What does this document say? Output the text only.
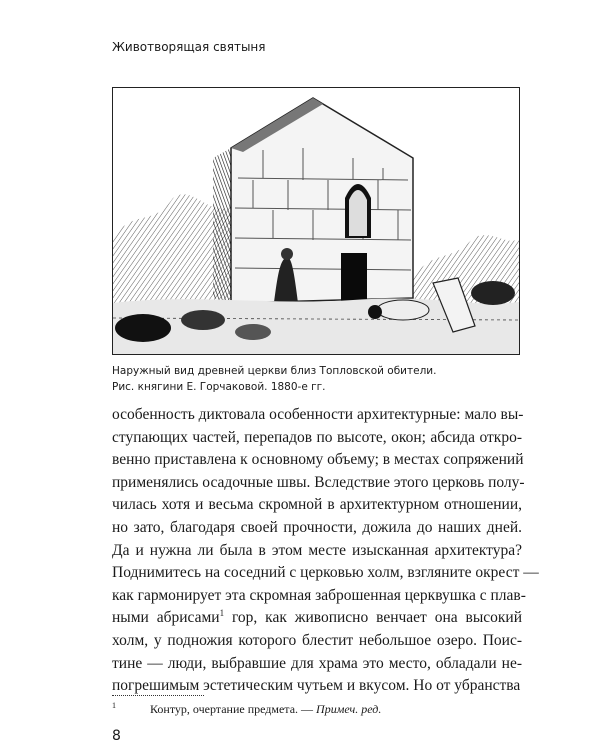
Животворящая святыня
Наружный вид древней церкви близ Топловской обители.
Рис. княгини Е. Горчаковой. 1880-е гг.
особенность диктовала особенности архитектурные: мало вы-
ступающих частей, перепадов по высоте, окон; абсида откро-
венно приставлена к основному объему; в местах сопряжений
применялись осадочные швы. Вследствие этого церковь полу-
чилась хотя и весьма скромной в архитектурном отношении,
но зато, благодаря своей прочности, дожила до наших дней.
Да и нужна ли была в этом месте изысканная архитектура?
Поднимитесь на соседний с церковью холм, взгляните окрест —
как гармонирует эта скромная заброшенная церквушка с плав-
ными абрисами$^1$ гор, как живописно венчает она высокий
холм, у подножия которого блестит небольшое озеро. Поис-
тине — люди, выбравшие для храма это место, обладали не-
погрешимым эстетическим чутьем и вкусом. Но от убранства
$^1$	Контур, очертание предмета. — Примеч. ред.
8
